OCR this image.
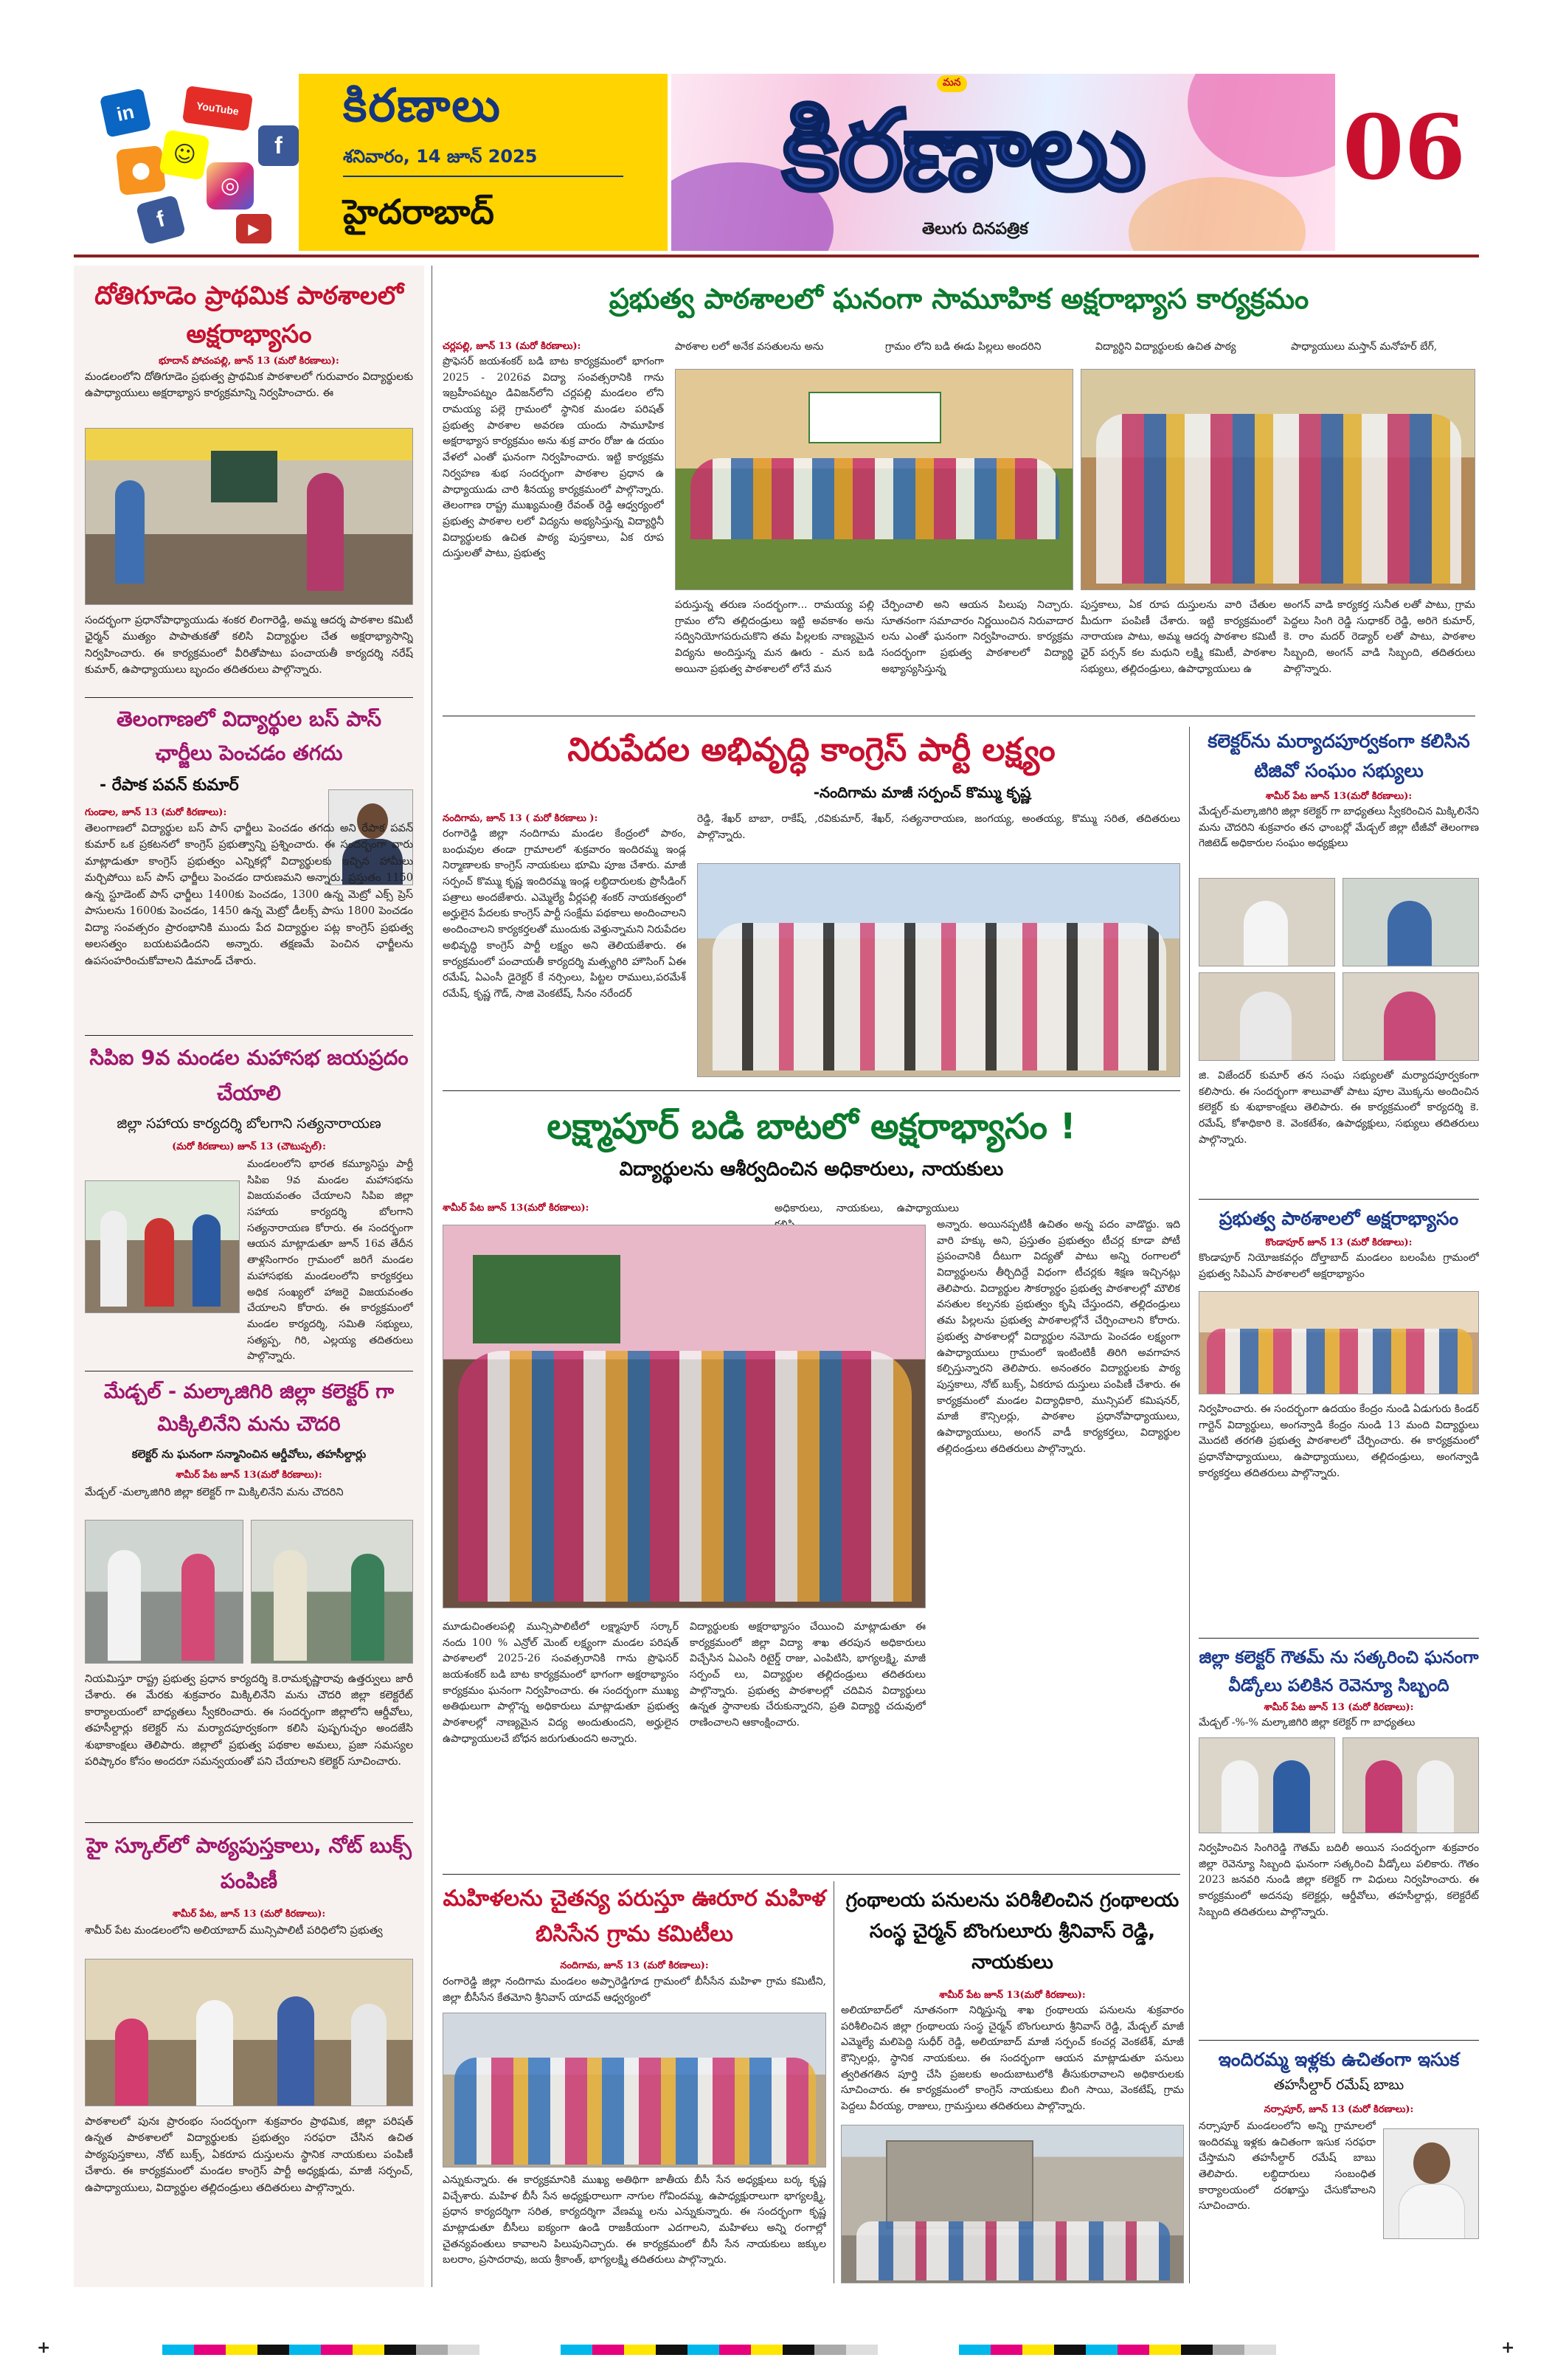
in	YouTube
f
●
☺
◎
f	▶
కిరణాలు
శనివారం, 14 జూన్ 2025
హైదరాబాద్
మన
కిరణాలు
తెలుగు దినపత్రిక
06
దోతిగూడెం ప్రాథమిక పాఠశాలలో అక్షరాభ్యాసం
భూదాన్ పోచంపల్లి, జూన్ 13 (మరో కిరణాలు):
మండలంలోని దోతిగూడెం ప్రభుత్వ ప్రాథమిక పాఠశాలలో గురువారం విద్యార్థులకు ఉపాధ్యాయులు అక్షరాభ్యాస కార్యక్రమాన్ని నిర్వహించారు. ఈ
సందర్భంగా ప్రధానోపాధ్యాయుడు శంకర లింగారెడ్డి, అమ్మ ఆదర్శ పాఠశాల కమిటీ ఛైర్మన్ ముత్యం పాపాతుకతో కలిసి విద్యార్థుల చేత అక్షరాభ్యాసాన్ని నిర్వహించారు. ఈ కార్యక్రమంలో వీరితోపాటు పంచాయతీ కార్యదర్శి నరేష్ కుమార్, ఉపాధ్యాయులు బృందం తదితరులు పాల్గొన్నారు.
తెలంగాణలో విద్యార్థుల బస్ పాస్ ఛార్జీలు పెంచడం తగదు
- రేపాక పవన్ కుమార్
గుండాల, జూన్ 13 (మరో కిరణాలు):
తెలంగాణలో విద్యార్థుల బస్ పాస్ ఛార్జీలు పెంచడం తగదు అని రేపాక పవన్ కుమార్ ఒక ప్రకటనలో కాంగ్రెస్ ప్రభుత్వాన్ని ప్రశ్నించారు. ఈ సందర్భంగా వారు మాట్లాడుతూ కాంగ్రెస్ ప్రభుత్వం ఎన్నికల్లో విద్యార్థులకు ఇచ్చిన హామీలు మర్చిపోయి బస్ పాస్ ఛార్జీలు పెంచడం దారుణమని అన్నారు. ప్రస్తుతం 1150 ఉన్న స్టూడెంట్ పాస్ ఛార్జీలు 1400కు పెంచడం, 1300 ఉన్న మెట్రో ఎక్స్ ప్రెస్ పాసులను 1600కు పెంచడం, 1450 ఉన్న మెట్రో డీలక్స్ పాసు 1800 పెంచడం విద్యా సంవత్సరం ప్రారంభానికి ముందు పేద విద్యార్థుల పట్ల కాంగ్రెస్ ప్రభుత్వ అలసత్వం బయటపడిందని అన్నారు. తక్షణమే పెంచిన ఛార్జీలను ఉపసంహరించుకోవాలని డిమాండ్ చేశారు.
సిపిఐ 9వ మండల మహాసభ జయప్రదం చేయాలి
జిల్లా సహాయ కార్యదర్శి బోలగాని సత్యనారాయణ
(మరో కిరణాలు) జూన్ 13 (చౌటుప్పల్):
మండలంలోని భారత కమ్యూనిస్టు పార్టీ సిపిఐ 9వ మండల మహాసభను విజయవంతం చేయాలని సిపిఐ జిల్లా సహాయ కార్యదర్శి బోలగాని సత్యనారాయణ కోరారు. ఈ సందర్భంగా ఆయన మాట్లాడుతూ జూన్ 16వ తేదీన తాళ్లసింగారం గ్రామంలో జరిగే మండల మహాసభకు మండలంలోని కార్యకర్తలు అధిక సంఖ్యలో హాజరై విజయవంతం చేయాలని కోరారు. ఈ కార్యక్రమంలో మండల కార్యదర్శి, సమితి సభ్యులు, సత్యప్ప, గిరి, ఎల్లయ్య తదితరులు పాల్గొన్నారు.
మేడ్చల్ - మల్కాజిగిరి జిల్లా కలెక్టర్ గా మిక్కిలినేని మను చౌదరి
కలెక్టర్ ను ఘనంగా సన్మానించిన ఆర్డీవోలు, తహసీల్దార్లు
శామీర్ పేట జూన్ 13(మరో కిరణాలు):
మేడ్చల్ -మల్కాజిగిరి జిల్లా కలెక్టర్ గా మిక్కిలినేని మను చౌదరిని
నియమిస్తూ రాష్ట్ర ప్రభుత్వ ప్రధాన కార్యదర్శి కె.రామకృష్ణారావు ఉత్తర్వులు జారీ చేశారు. ఈ మేరకు శుక్రవారం మిక్కిలినేని మను చౌదరి జిల్లా కలెక్టరేట్ కార్యాలయంలో బాధ్యతలు స్వీకరించారు. ఈ సందర్భంగా జిల్లాలోని ఆర్డీవోలు, తహసీల్దార్లు కలెక్టర్ ను మర్యాదపూర్వకంగా కలిసి పుష్పగుచ్ఛం అందజేసి శుభాకాంక్షలు తెలిపారు. జిల్లాలో ప్రభుత్వ పథకాల అమలు, ప్రజా సమస్యల పరిష్కారం కోసం అందరూ సమన్వయంతో పని చేయాలని కలెక్టర్ సూచించారు.
హై స్కూల్‌లో పాఠ్యపుస్తకాలు, నోట్ బుక్స్ పంపిణీ
శామీర్ పేట, జూన్ 13 (మరో కిరణాలు):
శామీర్ పేట మండలంలోని అలియాబాద్ మున్సిపాలిటీ పరిధిలోని ప్రభుత్వ
పాఠశాలలో పునః ప్రారంభం సందర్భంగా శుక్రవారం ప్రాథమిక, జిల్లా పరిషత్ ఉన్నత పాఠశాలలో విద్యార్థులకు ప్రభుత్వం సరఫరా చేసిన ఉచిత పాఠ్యపుస్తకాలు, నోట్ బుక్స్, ఏకరూప దుస్తులను స్థానిక నాయకులు పంపిణీ చేశారు. ఈ కార్యక్రమంలో మండల కాంగ్రెస్ పార్టీ అధ్యక్షుడు, మాజీ సర్పంచ్, ఉపాధ్యాయులు, విద్యార్థుల తల్లిదండ్రులు తదితరులు పాల్గొన్నారు.
ప్రభుత్వ పాఠశాలలో ఘనంగా సామూహిక అక్షరాభ్యాస కార్యక్రమం
చర్లపల్లి, జూన్ 13 (మరో కిరణాలు):
ప్రొఫెసర్ జయశంకర్ బడి బాట కార్యక్రమంలో భాగంగా 2025 - 2026వ విద్యా సంవత్సరానికి గాను ఇబ్రహీంపట్నం డివిజన్‌లోని చర్లపల్లి మండలం లోని రామయ్య పల్లె గ్రామంలో స్థానిక మండల పరిషత్ ప్రభుత్వ పాఠశాల అవరణ యందు సామూహిక అక్షరాభ్యాస కార్యక్రమం అను శుక్ర వారం రోజు ఉ దయం వేళలో ఎంతో ఘనంగా నిర్వహించారు. ఇట్టి కార్యక్రమ నిర్వహణ శుభ సందర్భంగా పాఠశాల ప్రధాన ఉ పాధ్యాయుడు చారి శీనయ్య కార్యక్రమంలో పాల్గొన్నారు. తెలంగాణ రాష్ట్ర ముఖ్యమంత్రి రేవంత్ రెడ్డి ఆధ్వర్యంలో ప్రభుత్వ పాఠశాల లలో విద్యను అభ్యసిస్తున్న విద్యార్థినీ విద్యార్థులకు ఉచిత పాఠ్య పుస్తకాలు, ఏక రూప దుస్తులతో పాటు, ప్రభుత్వ
పాఠశాల లలో అనేక వసతులను అను	గ్రామం లోని బడి ఈడు పిల్లలు అందరిని	విద్యార్థిని విద్యార్థులకు ఉచిత పాఠ్య	పాధ్యాయులు మస్తాన్ మనోహర్ బేగ్,
పరుస్తున్న తరుణ సందర్భంగా... రామయ్య పల్లి గ్రామం లోని తల్లిదండ్రులు ఇట్టి అవకాశం అను సద్వినియోగపరుచుకొని తమ పిల్లలకు నాణ్యమైన విద్యను అందిస్తున్న మన ఊరు - మన బడి అయినా ప్రభుత్వ పాఠశాలలో లోనే మన
చేర్పించాలి అని ఆయన పిలుపు నిచ్చారు. సూతనంగా సమాచారం నిర్ణయించిన నిరువాదార లను ఎంతో ఘనంగా నిర్వహించారు. కార్యక్రమ సందర్భంగా ప్రభుత్వ పాఠశాలలో విద్యార్థి అభ్యాస్యసిస్తున్న
పుస్తకాలు, ఏక రూప దుస్తులను వారి చేతుల మీదుగా పంపిణీ చేశారు. ఇట్టి కార్యక్రమంలో నారాయణ పాటు, అమ్మ ఆదర్శ పాఠశాల కమిటీ ఛైర్ పర్సన్ కల మధుని లక్ష్మి కమిటీ, పాఠశాల సభ్యులు, తల్లిదండ్రులు, ఉపాధ్యాయులు ఉ
అంగన్ వాడి కార్యకర్త సునీత లతో పాటు, గ్రామ పెద్దలు సింగి రెడ్డి సుధాకర్ రెడ్డి, అరిగె కుమార్, కె. రాం మదర్ రెడ్యార్ లతో పాటు, పాఠశాల సిబ్బంది, అంగన్ వాడి సిబ్బంది, తదితరులు పాల్గొన్నారు.
నిరుపేదల అభివృద్ధి కాంగ్రెస్ పార్టీ లక్ష్యం
-నందిగామ మాజీ సర్పంచ్ కొమ్ము కృష్ణ
నందిగామ, జూన్ 13 ( మరో కిరణాలు ):
రంగారెడ్డి జిల్లా నందిగామ మండల కేంద్రంలో పాఠం, బంధువుల తండా గ్రామాలలో శుక్రవారం ఇందిరమ్మ ఇండ్ల నిర్మాణాలకు కాంగ్రెస్ నాయకులు భూమి పూజ చేశారు. మాజీ సర్పంచ్ కొమ్ము కృష్ణ ఇందిరమ్మ ఇండ్ల లబ్ధిదారులకు ప్రొసీడింగ్ పత్రాలు అందజేశారు. ఎమ్మెల్యే వీర్లపల్లి శంకర్ నాయకత్వంలో అర్హులైన పేదలకు కాంగ్రెస్ పార్టీ సంక్షేమ పథకాలు అందించాలని అందించాలని కార్యకర్తలతో ముందుకు వెళ్తున్నామని నిరుపేదల అభివృద్ధి కాంగ్రెస్ పార్టీ లక్ష్యం అని తెలియజేశారు. ఈ కార్యక్రమంలో పంచాయతీ కార్యదర్శి మత్స్యగిరి హౌసింగ్ ఏఈ రమేష్, ఏఎంసీ డైరెక్టర్ కే నర్సింలు, పిట్టల రాములు,పరమేశ్ రమేష్, కృష్ణ గౌడ్, సాజి వెంకటేష్, సీనం నరేందర్
రెడ్డి, శేఖర్ బాబా, రాకేష్, ,రవికుమార్, శేఖర్, సత్యనారాయణ, జంగయ్య, అంతయ్య, కొమ్ము సరిత, తదితరులు పాల్గొన్నారు.
లక్ష్మాపూర్ బడి బాటలో అక్షరాభ్యాసం !
విద్యార్థులను ఆశీర్వదించిన అధికారులు, నాయకులు
శామీర్ పేట జూన్ 13(మరో కిరణాలు):	అధికారులు, నాయకులు, ఉపాధ్యాయులు
అన్నారు. అయినప్పటికీ ఉచితం అన్న పదం వాడొద్దు. ఇది వారి హక్కు అని, ప్రస్తుతం ప్రభుత్వం టీచర్ల కూడా పోటీ ప్రపంచానికి దీటుగా విద్యతో పాటు అన్ని రంగాలలో విద్యార్థులను తీర్చిదిద్దే విధంగా టీచర్లకు శిక్షణ ఇచ్చినట్లు తెలిపారు. విద్యార్థుల సౌకర్యార్థం ప్రభుత్వ పాఠశాలల్లో మౌలిక వసతుల కల్పనకు ప్రభుత్వం కృషి చేస్తుందని, తల్లిదండ్రులు తమ పిల్లలను ప్రభుత్వ పాఠశాలల్లోనే చేర్పించాలని కోరారు. ప్రభుత్వ పాఠశాలల్లో విద్యార్థుల నమోదు పెంచడం లక్ష్యంగా ఉపాధ్యాయులు గ్రామంలో ఇంటింటికీ తిరిగి అవగాహన కల్పిస్తున్నారని తెలిపారు. అనంతరం విద్యార్థులకు పాఠ్య పుస్తకాలు, నోట్ బుక్స్, ఏకరూప దుస్తులు పంపిణీ చేశారు. ఈ కార్యక్రమంలో మండల విద్యాధికారి, మున్సిపల్ కమిషనర్, మాజీ కౌన్సిలర్లు, పాఠశాల ప్రధానోపాధ్యాయులు, ఉపాధ్యాయులు, అంగన్ వాడీ కార్యకర్తలు, విద్యార్థుల తల్లిదండ్రులు తదితరులు పాల్గొన్నారు.
మూడుచింతలపల్లి మున్సిపాలిటీలో లక్ష్మాపూర్ సర్కార్ నందు 100 % ఎన్రోల్ మెంట్ లక్ష్యంగా మండల పరిషత్ పాఠశాలలో 2025-26 సంవత్సరానికి గాను ప్రొఫెసర్ జయశంకర్ బడి బాట కార్యక్రమంలో భాగంగా అక్షరాభ్యాసం కార్యక్రమం ఘనంగా నిర్వహించారు. ఈ సందర్భంగా ముఖ్య అతిథులుగా పాల్గొన్న అధికారులు మాట్లాడుతూ ప్రభుత్వ పాఠశాలల్లో నాణ్యమైన విద్య అందుతుందని, అర్హులైన ఉపాధ్యాయులచే బోధన జరుగుతుందని అన్నారు.
విద్యార్థులకు అక్షరాభ్యాసం చేయించి మాట్లాడుతూ ఈ కార్యక్రమంలో జిల్లా విద్యా శాఖ తరపున అధికారులు విచ్చేసిన ఏఎంసి రిటైర్డ్ రాజు, ఎంపిటిసి, భాగ్యలక్ష్మి, మాజీ సర్పంచ్ లు, విద్యార్థుల తల్లిదండ్రులు తదితరులు పాల్గొన్నారు. ప్రభుత్వ పాఠశాలల్లో చదివిన విద్యార్థులు ఉన్నత స్థానాలకు చేరుకున్నారని, ప్రతి విద్యార్థి చదువులో రాణించాలని ఆకాంక్షించారు.
మహిళలను చైతన్య పరుస్తూ ఊరూర మహిళ బిసిసేన గ్రామ కమిటీలు
నందిగామ, జూన్ 13 (మరో కిరణాలు):
రంగారెడ్డి జిల్లా నందిగామ మండలం అప్పారెడ్డిగూడ గ్రామంలో బీసీసేన మహిళా గ్రామ కమిటీని, జిల్లా బీసీసేన కేతమోని శ్రీనివాస్ యాదవ్ ఆధ్వర్యంలో
ఎన్నుకున్నారు. ఈ కార్యక్రమానికి ముఖ్య అతిథిగా జాతీయ బీసీ సేన అధ్యక్షులు బర్క కృష్ణ విచ్చేశారు. మహిళ బీసీ సేన అధ్యక్షురాలుగా నాగుల గోవిందమ్మ, ఉపాధ్యక్షురాలుగా భాగ్యలక్ష్మి, ప్రధాన కార్యదర్శిగా సరిత, కార్యదర్శిగా వేణమ్మ లను ఎన్నుకున్నారు. ఈ సందర్భంగా కృష్ణ మాట్లాడుతూ బీసీలు ఐక్యంగా ఉండి రాజకీయంగా ఎదగాలని, మహిళలు అన్ని రంగాల్లో చైతన్యవంతులు కావాలని పిలుపునిచ్చారు. ఈ కార్యక్రమంలో బీసీ సేన నాయకులు జక్కుల బలరాం, ప్రసాదరావు, జయ శ్రీకాంత్, భాగ్యలక్ష్మి తదితరులు పాల్గొన్నారు.
గ్రంథాలయ పనులను పరిశీలించిన గ్రంథాలయ సంస్థ చైర్మన్ బొంగులూరు శ్రీనివాస్ రెడ్డి, నాయకులు
శామీర్ పేట జూన్ 13(మరో కిరణాలు):
అలియాబాద్‌లో నూతనంగా నిర్మిస్తున్న శాఖ గ్రంథాలయ పనులను శుక్రవారం పరిశీలించిన జిల్లా గ్రంథాలయ సంస్థ చైర్మన్ బొంగులూరు శ్రీనివాస్ రెడ్డి, మేడ్చల్ మాజీ ఎమ్మెల్యే మలిపెద్ది సుధీర్ రెడ్డి, అలియాబాద్ మాజీ సర్పంచ్ కంచర్ల వెంకటేశ్, మాజీ కౌన్సిలర్లు, స్థానిక నాయకులు. ఈ సందర్భంగా ఆయన మాట్లాడుతూ పనులు త్వరితగతిన పూర్తి చేసి ప్రజలకు అందుబాటులోకి తీసుకురావాలని అధికారులకు సూచించారు. ఈ కార్యక్రమంలో కాంగ్రెస్ నాయకులు బింగి సాయి, వెంకటేష్, గ్రామ పెద్దలు వీరయ్య, రాజులు, గ్రామస్తులు తదితరులు పాల్గొన్నారు.
కలెక్టర్‌ను మర్యాదపూర్వకంగా కలిసిన టిజివో సంఘం సభ్యులు
శామీర్ పేట జూన్ 13(మరో కిరణాలు):
మేడ్చల్-మల్కాజిగిరి జిల్లా కలెక్టర్ గా బాధ్యతలు స్వీకరించిన మిక్కిలినేని మను చౌదరిని శుక్రవారం తన ఛాంబర్లో మేడ్చల్ జిల్లా టీజీవో తెలంగాణ గెజిటెడ్ అధికారుల సంఘం అధ్యక్షులు
జి. విజేందర్ కుమార్ తన సంఘ సభ్యులతో మర్యాదపూర్వకంగా కలిసారు. ఈ సందర్భంగా శాలువాతో పాటు పూల మొక్కను అందించిన కలెక్టర్ కు శుభాకాంక్షలు తెలిపారు. ఈ కార్యక్రమంలో కార్యదర్శి కె. రమేష్, కోశాధికారి కె. వెంకటేశం, ఉపాధ్యక్షులు, సభ్యులు తదితరులు పాల్గొన్నారు.
ప్రభుత్వ పాఠశాలలో అక్షరాభ్యాసం
కొండాపూర్ జూన్ 13 (మరో కిరణాలు):
కొండాపూర్ నియోజకవర్గం దోల్తాబాద్ మండలం బలంపేట గ్రామంలో ప్రభుత్వ సిపిఎస్ పాఠశాలలో అక్షరాభ్యాసం
నిర్వహించారు. ఈ సందర్భంగా ఉదయం కేంద్రం నుండి ఏడుగురు కిండర్ గార్టెన్ విద్యార్థులు, అంగన్వాడి కేంద్రం నుండి 13 మంది విద్యార్థులు మొదటి తరగతి ప్రభుత్వ పాఠశాలలో చేర్పించారు. ఈ కార్యక్రమంలో ప్రధానోపాధ్యాయులు, ఉపాధ్యాయులు, తల్లిదండ్రులు, అంగన్వాడి కార్యకర్తలు తదితరులు పాల్గొన్నారు.
జిల్లా కలెక్టర్ గౌతమ్ ను సత్కరించి ఘనంగా వీడ్కోలు పలికిన రెవెన్యూ సిబ్బంది
శామీర్ పేట జూన్ 13 (మరో కిరణాలు):
మేడ్చల్ -%-% మల్కాజిగిరి జిల్లా కలెక్టర్ గా బాధ్యతలు
నిర్వహించిన సింగిరెడ్డి గౌతమ్ బదిలీ అయిన సందర్భంగా శుక్రవారం జిల్లా రెవెన్యూ సిబ్బంది ఘనంగా సత్కరించి వీడ్కోలు పలికారు. గౌతం 2023 జనవరి నుండి జిల్లా కలెక్టర్ గా విధులు నిర్వహించారు. ఈ కార్యక్రమంలో అదనపు కలెక్టర్లు, ఆర్డీవోలు, తహసీల్దార్లు, కలెక్టరేట్ సిబ్బంది తదితరులు పాల్గొన్నారు.
ఇందిరమ్మ ఇళ్లకు ఉచితంగా ఇసుక
తహసీల్దార్ రమేష్ బాబు
నర్సాపూర్, జూన్ 13 (మరో కిరణాలు):
నర్సాపూర్ మండలంలోని అన్ని గ్రామాలలో ఇందిరమ్మ ఇళ్లకు ఉచితంగా ఇసుక సరఫరా చేస్తామని తహసీల్దార్ రమేష్ బాబు తెలిపారు. లబ్ధిదారులు సంబంధిత కార్యాలయంలో దరఖాస్తు చేసుకోవాలని సూచించారు.
+	+
